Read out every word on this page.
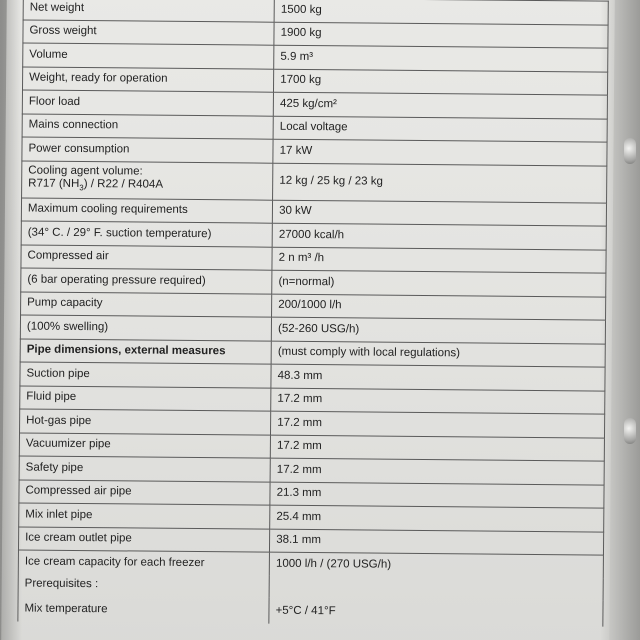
Net weight	1500 kg
Gross weight	1900 kg
Volume	5.9 m³
Weight, ready for operation	1700 kg
Floor load	425 kg/cm²
Mains connection	Local voltage
Power consumption	17 kW
Cooling agent volume:
R717 $(NH_3) / R22 / R404A$	12 kg / 25 kg / 23 kg
Maximum cooling requirements	30 kW
(34° C. / 29° F. suction temperature)	27000 kcal/h
Compressed air	2 n m³ /h
(6 bar operating pressure required)	(n=normal)
Pump capacity	200/1000 l/h
(100% swelling)	(52-260 USG/h)
Pipe dimensions, external measures	(must comply with local regulations)
Suction pipe	48.3 mm
Fluid pipe	17.2 mm
Hot-gas pipe	17.2 mm
Vacuumizer pipe	17.2 mm
Safety pipe	17.2 mm
Compressed air pipe	21.3 mm
Mix inlet pipe	25.4 mm
Ice cream outlet pipe	38.1 mm
Ice cream capacity for each freezer	1000 l/h / (270 USG/h)
Prerequisites :	
Mix temperature	+5°C / 41°F
